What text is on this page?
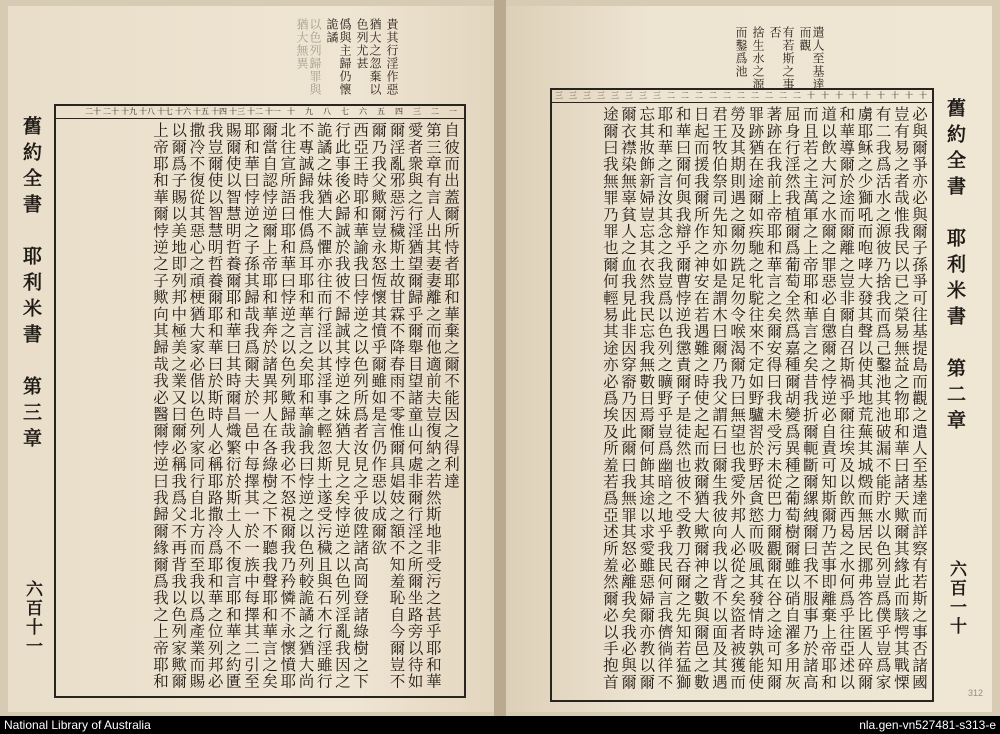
貴其行淫作惡
猶大之忽棄以色列尤甚
僞與主歸仍懷詭譎
以色列歸罪與猶大無異
一
二
三
四
五
六
七
八
九
十
十一
十二
十三
十四
十五
十六
十七
十八
十九
二十
二十
自彼而出蓋爾所恃者耶和華棄之爾不能因之得利達
第三章有言人出其妻妻離之而他適前夫豈復納之若然斯地非受污之甚乎耶和華
愛者衆與之行淫猶望爾歸乎爾舉目望諸童山何處非爾行淫之所爾坐路旁以待如
爾淫亂邪惡污穢斯土故甘霖不降春雨不零惟爾具娼妓之額不知羞恥自今爾豈不
爾乃我父歟爾豈永怒恆懷其憤乎爾雖如是言仍作惡以成爾欲
西亞王時耶和華諭我曰悖逆之以色列所爲者汝見之乎彼陞諸高岡登諸綠樹之下
行此事後必歸誠於我彼不歸誠其悖逆之妹猶大見之矣悖逆之以色列淫亂我因之
詭譎之妹猶大不懼亦往而行淫以其淫事之輕忽斯土遂受污穢且與石木行淫雖行
不專誠歸我惟僞爲耳耶和華言之矣耶和華諭我曰悖逆之以色列較詭譎之猶大尚
北往宣所語曰耶和華曰悖逆之以色列歟歸哉我必不怒視爾我乃矜憐不永懷憤耶
爾當自認悖逆爾上帝耶和華奔於諸異邦人在各綠樹之下不聽我聲耶和華言之矣
耶和華曰悖逆之子孫其歸哉我爲爾夫於一邑中每擇其一於一族中每擇其二引至
賜爾使以智慧明哲養爾耶和華曰其時爾昌熾繁衍於斯土人不復言耶和華之約匱
我豈爾使以智慧明哲養爾耶和華曰於斯時人必稱耶路撒冷爲耶和華之位列邦必
撒冷不復從其惡心之頑梗猶大家必偕以色列家同行自北方而至我以爲產業而賜
以爾爲子賜以美地即列邦中極美之業又曰爾必稱我爲父不再背我以色列家歟爾
上帝耶和華爾悖逆之子歟向其歸哉我必醫爾悖逆曰我歸爾緣爾爲我之上帝耶和
舊約全書　耶利米書　第三章
六百十一
遣人至基達而觀
有若斯之事否
捨生水之源
而鑿爲池
十
十
十
十
十
十
十
十
十
二
二
二
二
二
二
二
二
二
二
三
三
三
三
三
三
三
三
必與爾爭亦必與爾子孫爭可往基提島而觀之遣人至基達而詳察有若斯之事否諸國
豈有易之者哉惟我民以已之榮易無益之物耶和華曰諸天歟爾其緣此而駭愕其戰慄
有二我爲活水之源彼乃捨我而爲己鑿池其池破漏不能貯水以色列豈爲僕乎豈爲家
虜耶稣之少獅吼而咆哮大發其聲以使其地荒蕪其城燬而無居民挪弗答比匿人碎爾
和華導爾於途而爾離之豈非爾自召斯禍乎爾往埃及以飲西曷之水何爲乎往亞述以
道以飲大河之水爾之罪惡必自懲爾之悖逆必自責可知斯爾乃苦事即離棄上帝耶和
而且若之主萬軍之上帝耶和華言之矣昔我折爾軛斷爾縲絏爾曰我不服事乃於諸高
屈身行淫然我植爾爲葡萄全然爲嘉種爾胡變爲異種之葡萄樹爾雖以硝自濯多用灰
著跡在我前上帝耶和華言之矣爾安得曰我未受污未從巴力爾觀爾在谷之途可知爾
罪跡猶在途爾如疾馳之牝駝往來不定如野驢習於野居貪慾而吸風其發情時孰能使
勞及其期則遇之爾勿跣足勿令喉渴爾乃曰無望也我愛外邦人必從之矣盜者被獲而
君王牧伯祭司先知亦如是謂木曰爾乃我父謂石曰爾生我彼向我以背不以面及其遇
日起而援我爾所作之神安在若遇難之時使之起而救爾猶大歟爾神之數與爾邑之數
和華曰爾何與我辯乎爾曹悖逆我懲責爾子是徒然也彼不受教刀吞爾之先知若猛獅
耶和華之言汝其念之我豈爲以色列之曠野乎豈爲幽暗之地乎我民何言我儕徜徉不
忘其妝飾新婦豈忘其衣然我民忘我無數日焉爾何飾其途以求愛雖惡婦爾亦教以爾
爾衣襟染無辜貧人之血我見此非因穿窬乃因此爾曰我無罪其怒必離我矣我必與爾
途爾曰我無罪乃罪也爾何輕易其途亦必爲埃及所羞若爲亞述所羞然爾必以手抱首
舊約全書　耶利米書　第二章
六百一十
312
National Library of Australia	nla.gen-vn527481-s313-e
